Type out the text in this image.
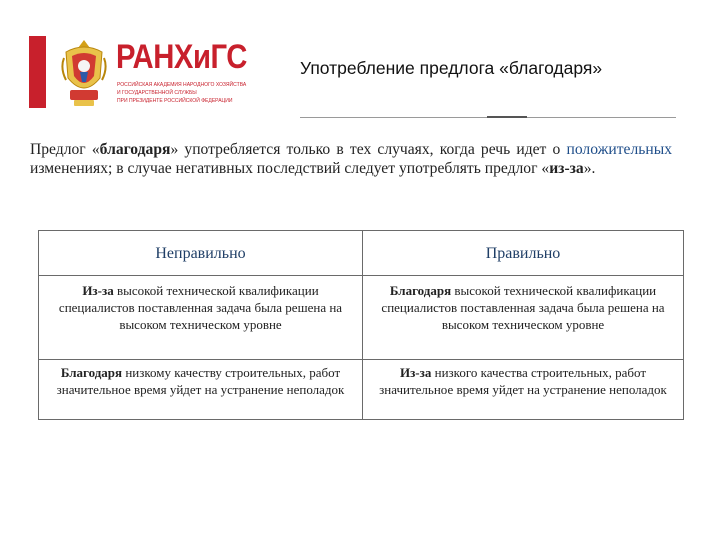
РАНХиГС
РОССИЙСКАЯ АКАДЕМИЯ НАРОДНОГО ХОЗЯЙСТВА
И ГОСУДАРСТВЕННОЙ СЛУЖБЫ
ПРИ ПРЕЗИДЕНТЕ РОССИЙСКОЙ ФЕДЕРАЦИИ
Употребление предлога «благодаря»
Предлог «благодаря» употребляется только в тех случаях, когда речь идет о положительных изменениях; в случае негативных последствий следует употреблять предлог «из-за».
Неправильно	Правильно
Из-за высокой технической квалификации специалистов поставленная задача была решена на высоком техническом уровне	Благодаря высокой технической квалификации специалистов поставленная задача была решена на высоком техническом уровне
Благодаря низкому качеству строительных, работ значительное время уйдет на устранение неполадок	Из-за низкого качества строительных, работ значительное время уйдет на устранение неполадок
